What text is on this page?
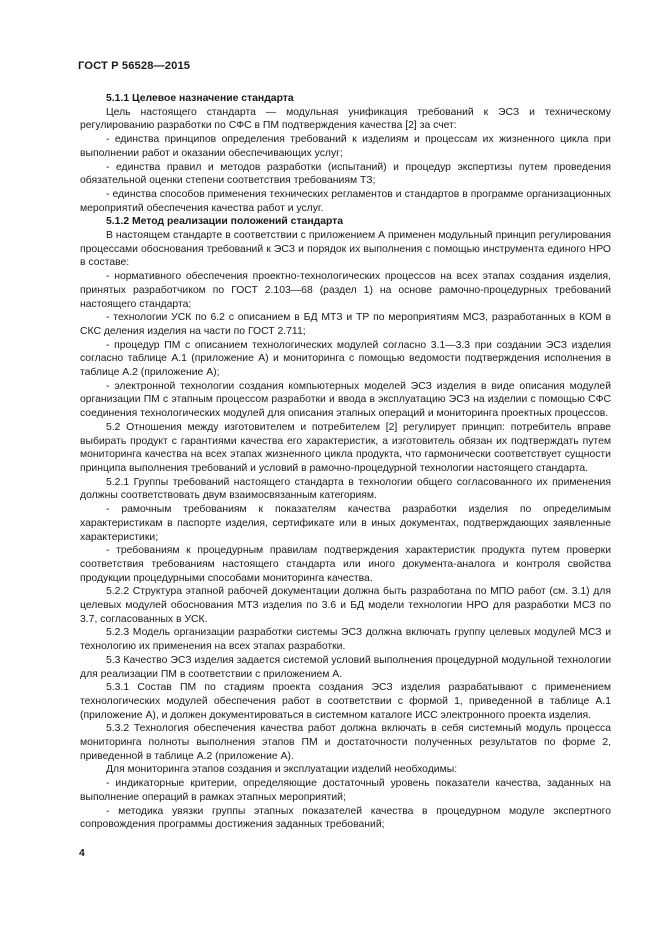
ГОСТ Р 56528—2015

5.1.1 Целевое назначение стандарта

Цель настоящего стандарта — модульная унификация требований к ЭСЗ и техническому регулированию разработки по СФС в ПМ подтверждения качества [2] за счет:

- единства принципов определения требований к изделиям и процессам их жизненного цикла при выполнении работ и оказании обеспечивающих услуг;

- единства правил и методов разработки (испытаний) и процедур экспертизы путем проведения обязательной оценки степени соответствия требованиям ТЗ;

- единства способов применения технических регламентов и стандартов в программе организационных мероприятий обеспечения качества работ и услуг.

5.1.2 Метод реализации положений стандарта

В настоящем стандарте в соответствии с приложением А применен модульный принцип регулирования процессами обоснования требований к ЭСЗ и порядок их выполнения с помощью инструмента единого НРО в составе:

- нормативного обеспечения проектно-технологических процессов на всех этапах создания изделия, принятых разработчиком по ГОСТ 2.103—68 (раздел 1) на основе рамочно-процедурных требований настоящего стандарта;

- технологии УСК по 6.2 с описанием в БД МТЗ и ТР по мероприятиям МСЗ, разработанных в КОМ в СКС деления изделия на части по ГОСТ 2.711;

- процедур ПМ с описанием технологических модулей согласно 3.1—3.3 при создании ЭСЗ изделия согласно таблице А.1 (приложение А) и мониторинга с помощью ведомости подтверждения исполнения в таблице А.2 (приложение А);

- электронной технологии создания компьютерных моделей ЭСЗ изделия в виде описания модулей организации ПМ с этапным процессом разработки и ввода в эксплуатацию ЭСЗ на изделии с помощью СФС соединения технологических модулей для описания этапных операций и мониторинга проектных процессов.

5.2 Отношения между изготовителем и потребителем [2] регулирует принцип: потребитель вправе выбирать продукт с гарантиями качества его характеристик, а изготовитель обязан их подтверждать путем мониторинга качества на всех этапах жизненного цикла продукта, что гармонически соответствует сущности принципа выполнения требований и условий в рамочно-процедурной технологии настоящего стандарта.

5.2.1 Группы требований настоящего стандарта в технологии общего согласованного их применения должны соответствовать двум взаимосвязанным категориям.

- рамочным требованиям к показателям качества разработки изделия по определимым характеристикам в паспорте изделия, сертификате или в иных документах, подтверждающих заявленные характеристики;

- требованиям к процедурным правилам подтверждения характеристик продукта путем проверки соответствия требованиям настоящего стандарта или иного документа-аналога и контроля свойства продукции процедурными способами мониторинга качества.

5.2.2 Структура этапной рабочей документации должна быть разработана по МПО работ (см. 3.1) для целевых модулей обоснования МТЗ изделия по 3.6 и БД модели технологии НРО для разработки МСЗ по 3.7, согласованных в УСК.

5.2.3 Модель организации разработки системы ЭСЗ должна включать группу целевых модулей МСЗ и технологию их применения на всех этапах разработки.

5.3 Качество ЭСЗ изделия задается системой условий выполнения процедурной модульной технологии для реализации ПМ в соответствии с приложением А.

5.3.1 Состав ПМ по стадиям проекта создания ЭСЗ изделия разрабатывают с применением технологических модулей обеспечения работ в соответствии с формой 1, приведенной в таблице А.1 (приложение А), и должен документироваться в системном каталоге ИСС электронного проекта изделия.

5.3.2 Технология обеспечения качества работ должна включать в себя системный модуль процесса мониторинга полноты выполнения этапов ПМ и достаточности полученных результатов по форме 2, приведенной в таблице А.2 (приложение А).

Для мониторинга этапов создания и эксплуатации изделий необходимы:

- индикаторные критерии, определяющие достаточный уровень показатели качества, заданных на выполнение операций в рамках этапных мероприятий;

- методика увязки группы этапных показателей качества в процедурном модуле экспертного сопровождения программы достижения заданных требований;

4
